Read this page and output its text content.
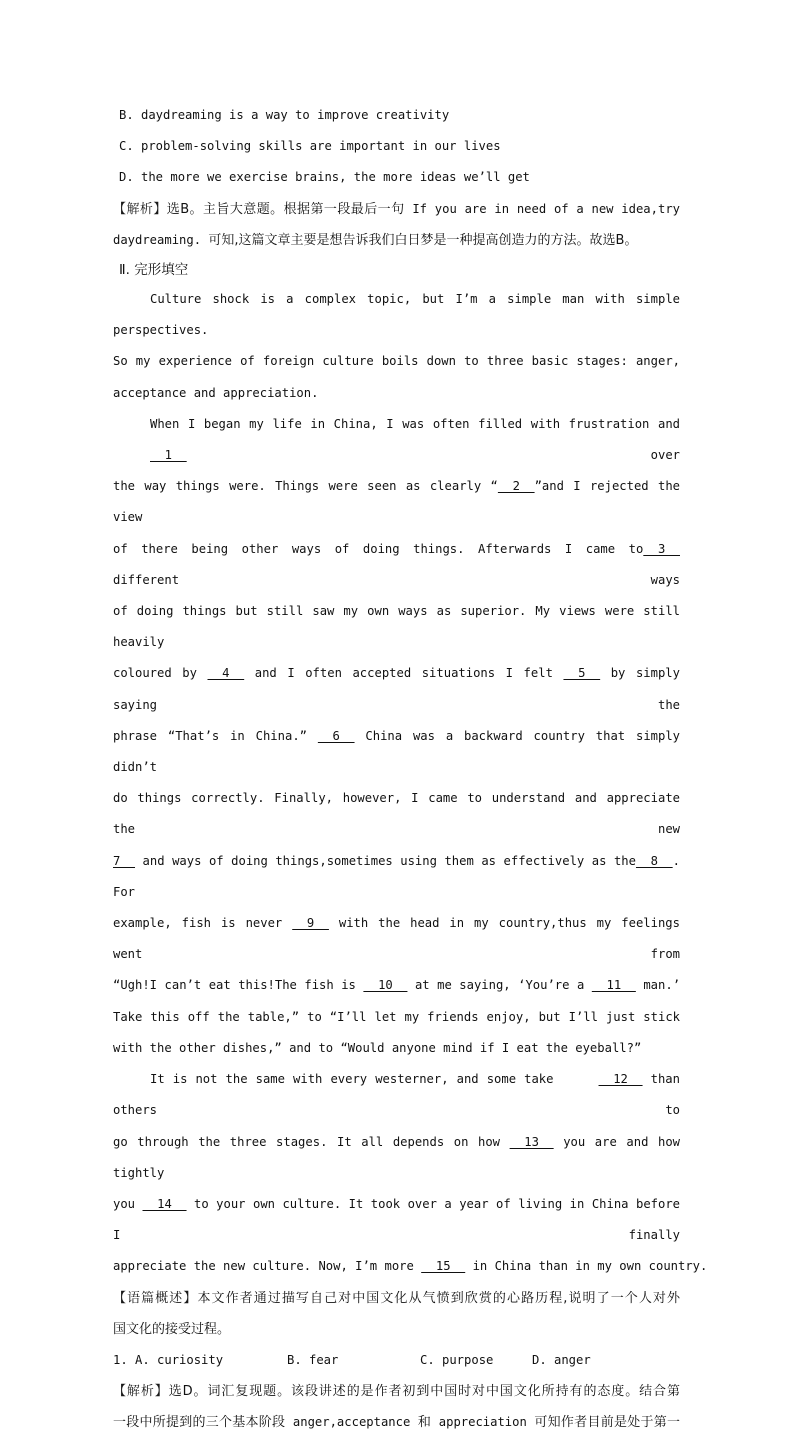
B. daydreaming is a way to improve creativity
C. problem-solving skills are important in our lives
D. the more we exercise brains, the more ideas we’ll get
【解析】选B。主旨大意题。根据第一段最后一句 If you are in need of a new idea,try
daydreaming. 可知,这篇文章主要是想告诉我们白日梦是一种提高创造力的方法。故选B。
Ⅱ. 完形填空
Culture shock is a complex topic, but I’m a simple man with simple perspectives.
So my experience of foreign culture boils down to three basic stages: anger,
acceptance and appreciation.
When I began my life in China, I was often filled with frustration and   1	over
the way things were. Things were seen as clearly “  2  ”and I rejected the view
of there being other ways of doing things. Afterwards I came to  3   different ways
of doing things but still saw my own ways as superior. My views were still heavily
coloured by   4   and I often accepted situations I felt   5   by simply saying the
phrase “That’s in China.”   6   China was a backward country that simply didn’t
do things correctly. Finally, however, I came to understand and appreciate the new
7   and ways of doing things,sometimes using them as effectively as the  8  . For
example, fish is never   9   with the head in my country,thus my feelings went from
“Ugh!I can’t eat this!The fish is   10   at me saying, ‘You’re a   11   man.’
Take this off the table,” to “I’ll let my friends enjoy, but I’ll just stick
with the other dishes,” and to “Would anyone mind if I eat the eyeball?”
It is not the same with every westerner, and some take	12   than others to
go through the three stages. It all depends on how   13   you are and how tightly
you   14   to your own culture. It took over a year of living in China before I finally
appreciate the new culture. Now, I’m more   15   in China than in my own country.
【语篇概述】本文作者通过描写自己对中国文化从气愤到欣赏的心路历程,说明了一个人对外
国文化的接受过程。
1. A. curiosity	B. fear	C. purpose	D. anger
【解析】选D。词汇复现题。该段讲述的是作者初到中国时对中国文化所持有的态度。结合第
一段中所提到的三个基本阶段 anger,acceptance 和 appreciation 可知作者目前是处于第一
